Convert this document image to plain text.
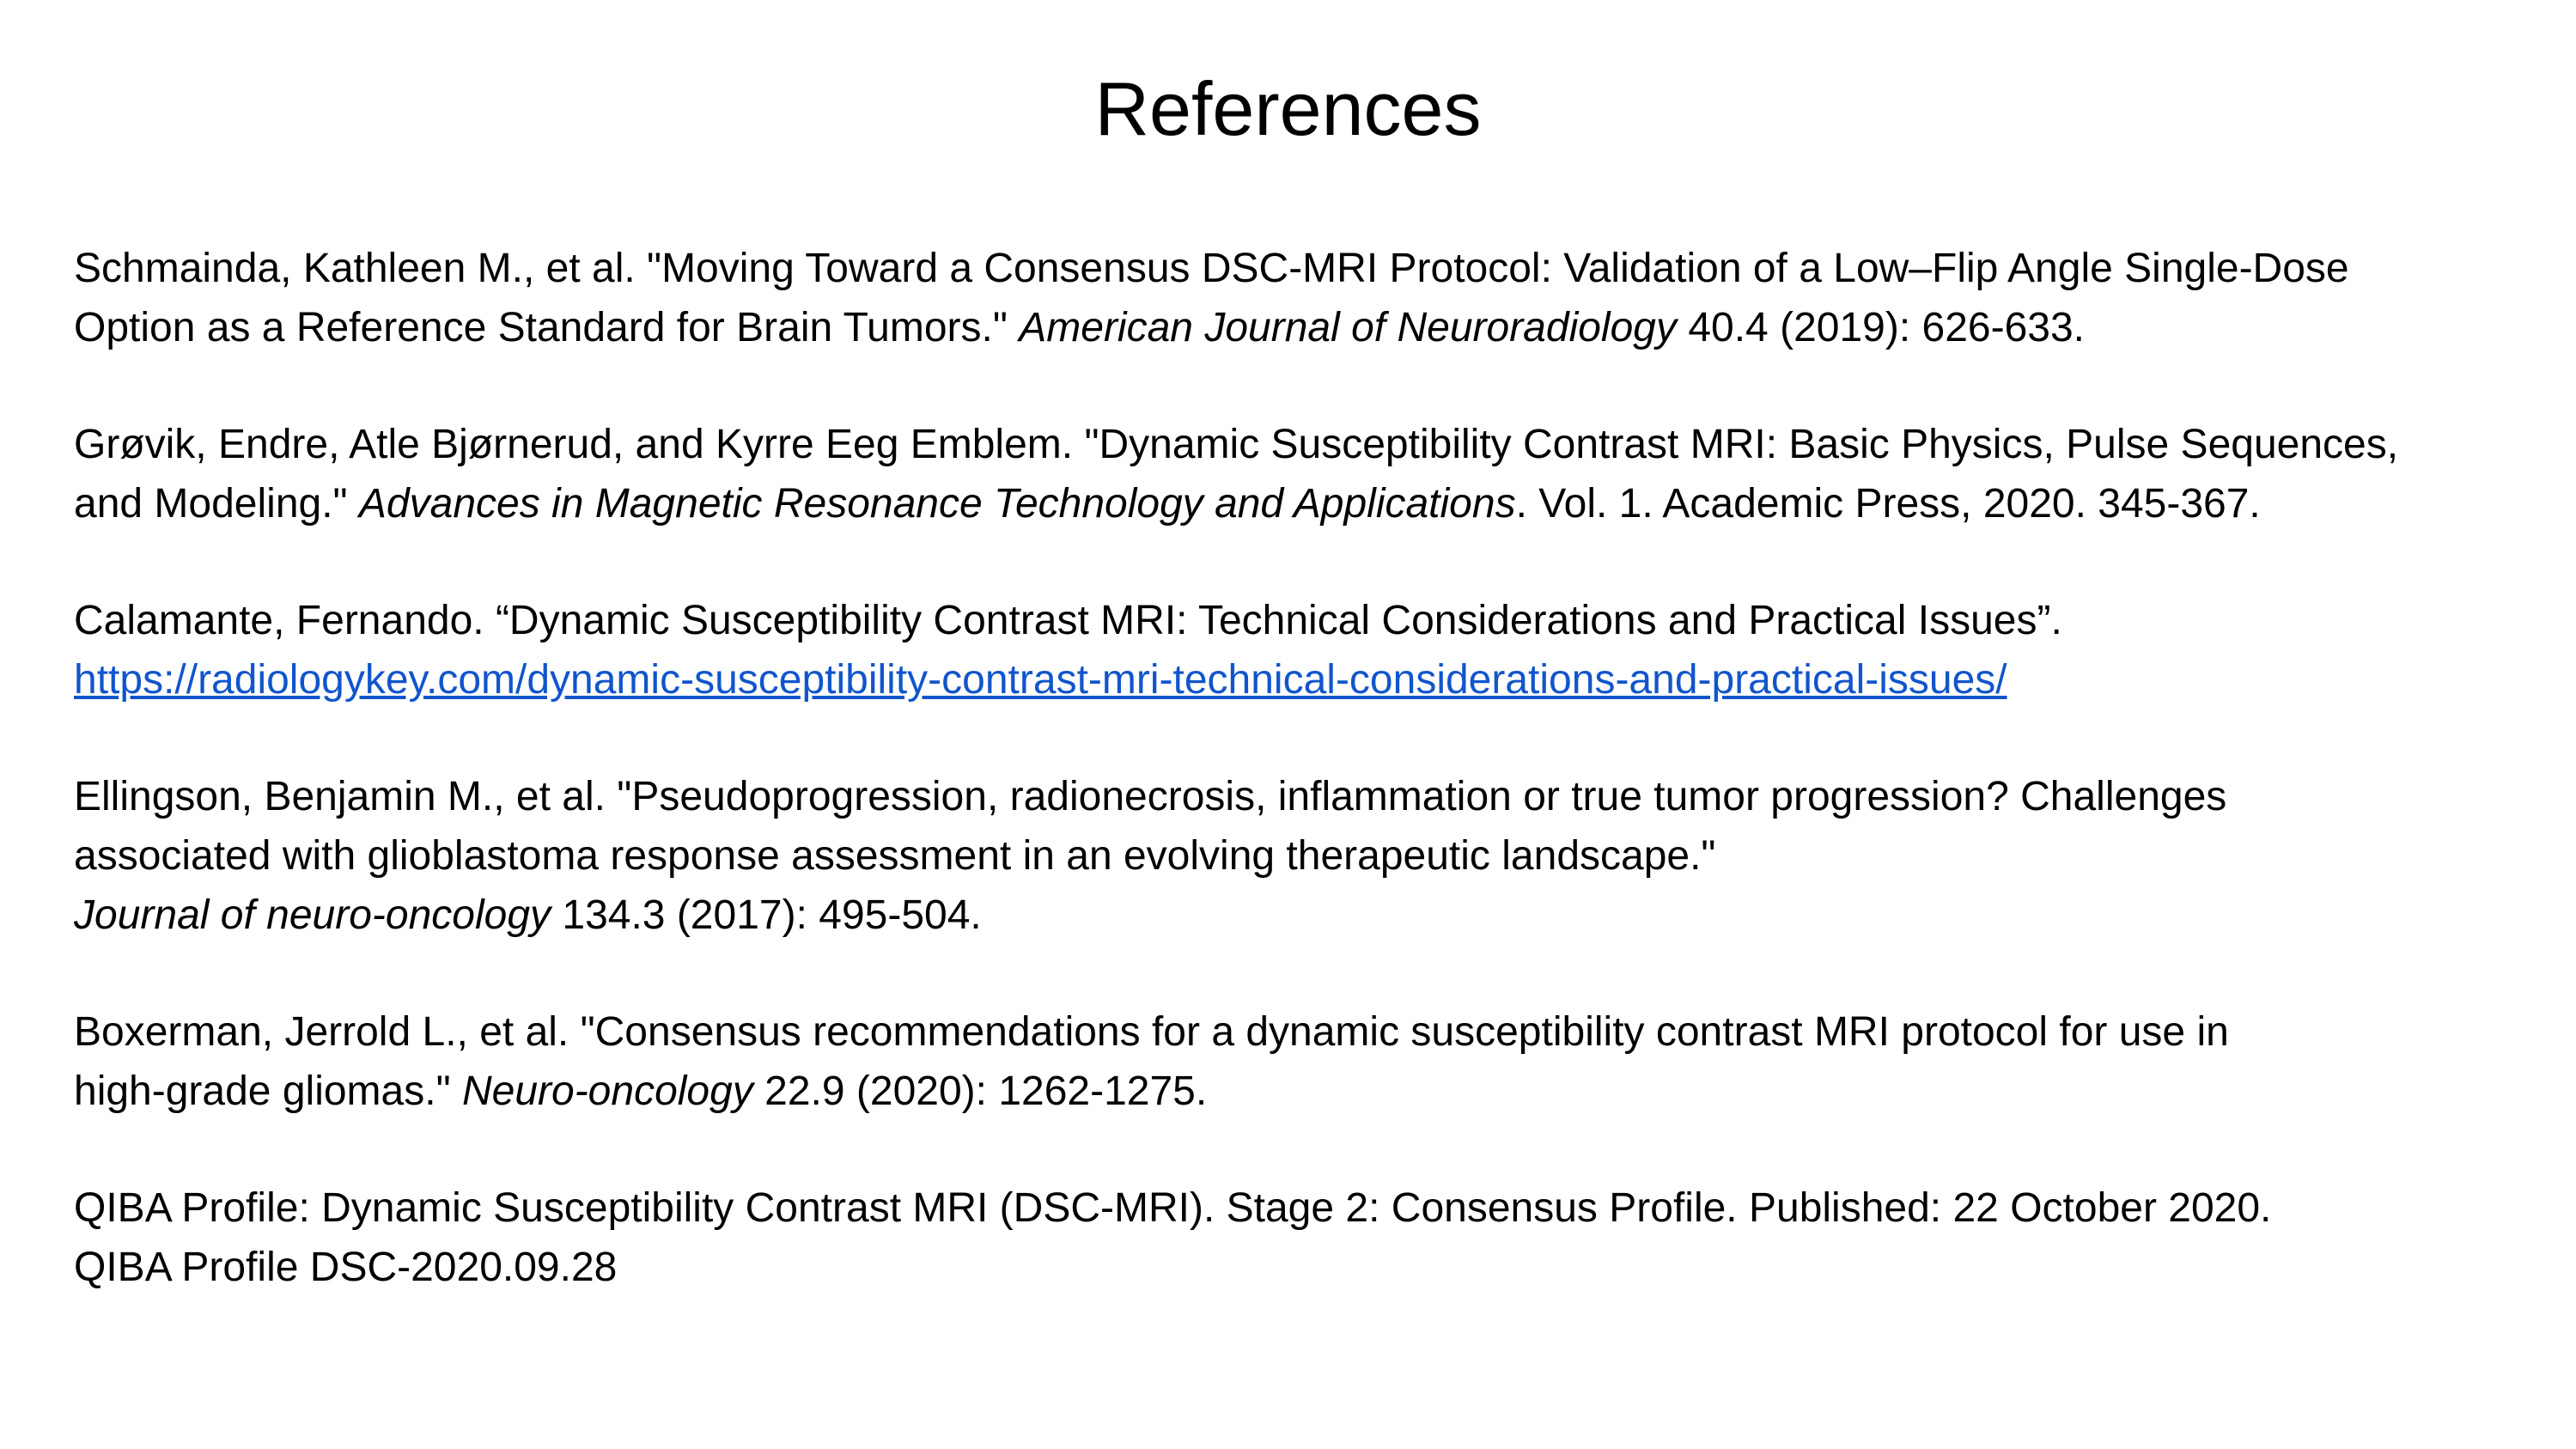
References

Schmainda, Kathleen M., et al. "Moving Toward a Consensus DSC-MRI Protocol: Validation of a Low–Flip Angle Single-Dose

Option as a Reference Standard for Brain Tumors." American Journal of Neuroradiology 40.4 (2019): 626-633.

Grøvik, Endre, Atle Bjørnerud, and Kyrre Eeg Emblem. "Dynamic Susceptibility Contrast MRI: Basic Physics, Pulse Sequences,

and Modeling." Advances in Magnetic Resonance Technology and Applications. Vol. 1. Academic Press, 2020. 345-367.

Calamante, Fernando. “Dynamic Susceptibility Contrast MRI: Technical Considerations and Practical Issues”.

https://radiologykey.com/dynamic-susceptibility-contrast-mri-technical-considerations-and-practical-issues/

Ellingson, Benjamin M., et al. "Pseudoprogression, radionecrosis, inflammation or true tumor progression? Challenges

associated with glioblastoma response assessment in an evolving therapeutic landscape."

Journal of neuro-oncology 134.3 (2017): 495-504.

Boxerman, Jerrold L., et al. "Consensus recommendations for a dynamic susceptibility contrast MRI protocol for use in

high-grade gliomas." Neuro-oncology 22.9 (2020): 1262-1275.

QIBA Profile: Dynamic Susceptibility Contrast MRI (DSC-MRI). Stage 2: Consensus Profile. Published: 22 October 2020.

QIBA Profile DSC-2020.09.28
